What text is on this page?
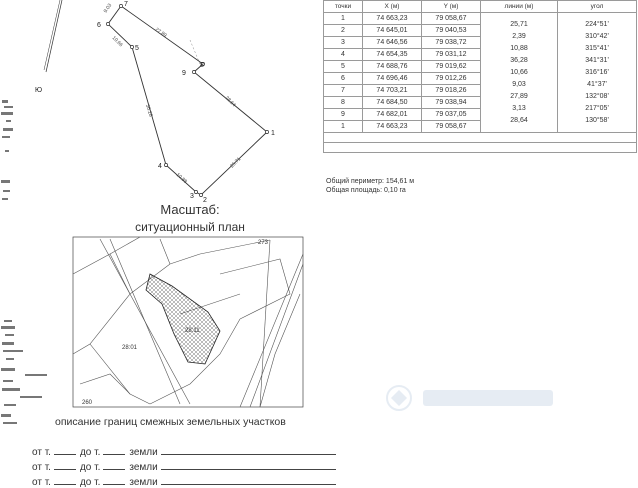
Ю
1
2
3
4
5
6
7
8
9
25.71
28.64
36.28
10.88
10.66
27.89
9.03	точки	X (м)	Y (м)	линии (м)	угол
1	74 663,23	79 058,67	25,71	224°51'

2	74 645,01	79 040,53	2,39	310°42'

3	74 646,56	79 038,72	10,88	315°41'

4	74 654,35	79 031,12	36,28	341°31'

5	74 688,76	79 019,62	10,66	316°16'

6	74 696,46	79 012,26	9,03	41°37'

7	74 703,21	79 018,26	27,89	132°08'

8	74 684,50	79 038,94	3,13	217°05'

9	74 682,01	79 037,05	28,64	130°58'

1	74 663,23	79 058,67		

Общий периметр: 154,61 м
Общая площадь: 0,10 га
Масштаб:
ситуационный план
273
28:11
28:01
260
описание границ смежных земельных участков
от т.	до т.	земли
от т.	до т.	земли
от т.	до т.	земли
